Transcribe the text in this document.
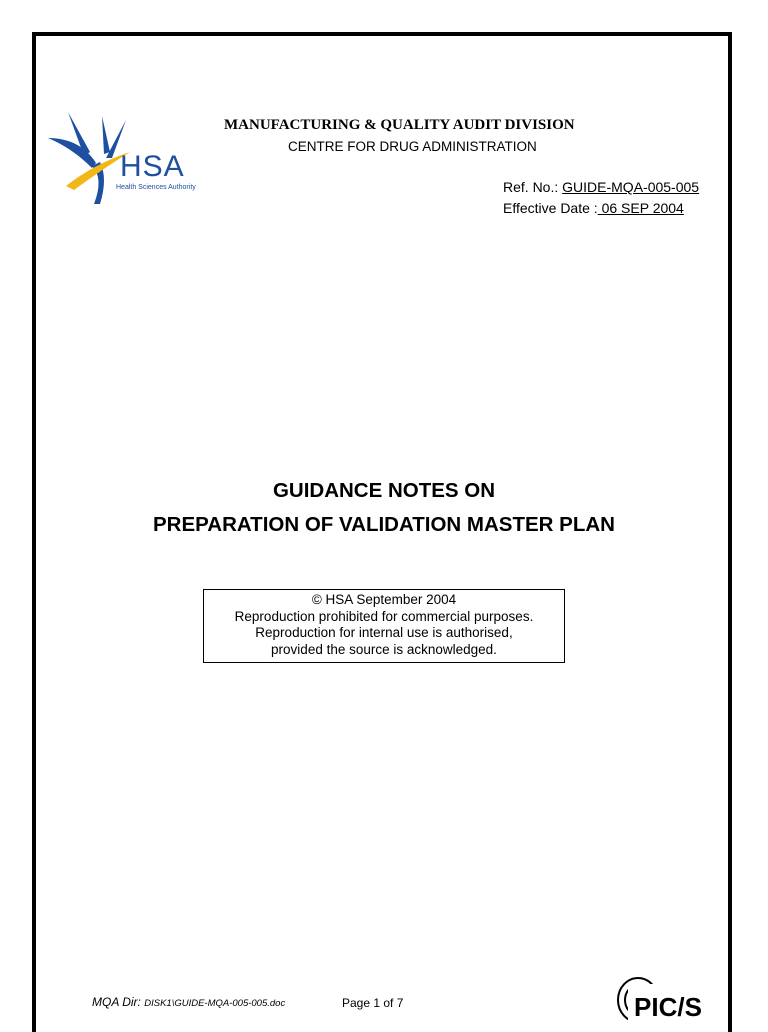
HSA
Health Sciences Authority
MANUFACTURING & QUALITY AUDIT DIVISION
CENTRE FOR DRUG ADMINISTRATION
Ref. No.: GUIDE-MQA-005-005
Effective Date : 06 SEP 2004
GUIDANCE NOTES ON
PREPARATION OF VALIDATION MASTER PLAN
© HSA September 2004
Reproduction prohibited for commercial purposes.
Reproduction for internal use is authorised,
provided the source is acknowledged.
MQA Dir: DISK1\GUIDE-MQA-005-005.doc	Page 1 of 7	PIC/S
